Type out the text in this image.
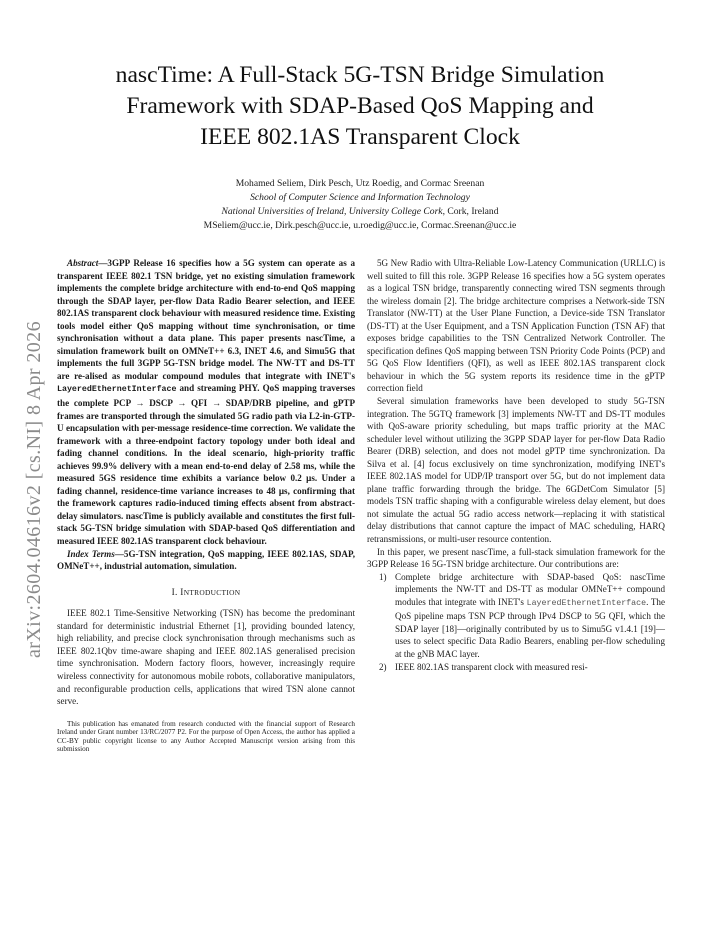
arXiv:2604.04616v2 [cs.NI] 8 Apr 2026
nascTime: A Full-Stack 5G-TSN Bridge Simulation
Framework with SDAP-Based QoS Mapping and
IEEE 802.1AS Transparent Clock
Mohamed Seliem, Dirk Pesch, Utz Roedig, and Cormac Sreenan
School of Computer Science and Information Technology
National Universities of Ireland, University College Cork, Cork, Ireland
MSeliem@ucc.ie, Dirk.pesch@ucc.ie, u.roedig@ucc.ie, Cormac.Sreenan@ucc.ie

Abstract—3GPP Release 16 specifies how a 5G system can operate as a transparent IEEE 802.1 TSN bridge, yet no existing simulation framework implements the complete bridge architecture with end-to-end QoS mapping through the SDAP layer, per-flow Data Radio Bearer selection, and IEEE 802.1AS transparent clock behaviour with measured residence time. Existing tools model either QoS mapping without time synchronisation, or time synchronisation without a data plane. This paper presents nascTime, a simulation framework built on OMNeT++ 6.3, INET 4.6, and Simu5G that implements the full 3GPP 5G-TSN bridge model. The NW-TT and DS-TT are re-alised as modular compound modules that integrate with INET's LayeredEthernetInterface and streaming PHY. QoS mapping traverses the complete PCP → DSCP → QFI → SDAP/DRB pipeline, and gPTP frames are transported through the simulated 5G radio path via L2-in-GTP-U encapsulation with per-message residence-time correction. We validate the framework with a three-endpoint factory topology under both ideal and fading channel conditions. In the ideal scenario, high-priority traffic achieves 99.9% delivery with a mean end-to-end delay of 2.58 ms, while the measured 5GS residence time exhibits a variance below 0.2 μs. Under a fading channel, residence-time variance increases to 48 μs, confirming that the framework captures radio-induced timing effects absent from abstract-delay simulators. nascTime is publicly available and constitutes the first full-stack 5G-TSN bridge simulation with SDAP-based QoS differentiation and measured IEEE 802.1AS transparent clock behaviour.

Index Terms—5G-TSN integration, QoS mapping, IEEE 802.1AS, SDAP, OMNeT++, industrial automation, simulation.

I. INTRODUCTION

IEEE 802.1 Time-Sensitive Networking (TSN) has become the predominant standard for deterministic industrial Ethernet [1], providing bounded latency, high reliability, and precise clock synchronisation through mechanisms such as IEEE 802.1Qbv time-aware shaping and IEEE 802.1AS generalised precision time synchronisation. Modern factory floors, however, increasingly require wireless connectivity for autonomous mobile robots, collaborative manipulators, and reconfigurable production cells, applications that wired TSN alone cannot serve.

This publication has emanated from research conducted with the financial support of Research Ireland under Grant number 13/RC/2077 P2. For the purpose of Open Access, the author has applied a CC-BY public copyright license to any Author Accepted Manuscript version arising from this submission

5G New Radio with Ultra-Reliable Low-Latency Communication (URLLC) is well suited to fill this role. 3GPP Release 16 specifies how a 5G system operates as a logical TSN bridge, transparently connecting wired TSN segments through the wireless domain [2]. The bridge architecture comprises a Network-side TSN Translator (NW-TT) at the User Plane Function, a Device-side TSN Translator (DS-TT) at the User Equipment, and a TSN Application Function (TSN AF) that exposes bridge capabilities to the TSN Centralized Network Controller. The specification defines QoS mapping between TSN Priority Code Points (PCP) and 5G QoS Flow Identifiers (QFI), as well as IEEE 802.1AS transparent clock behaviour in which the 5G system reports its residence time in the gPTP correction field

Several simulation frameworks have been developed to study 5G-TSN integration. The 5GTQ framework [3] implements NW-TT and DS-TT modules with QoS-aware priority scheduling, but maps traffic priority at the MAC scheduler level without utilizing the 3GPP SDAP layer for per-flow Data Radio Bearer (DRB) selection, and does not model gPTP time synchronization. Da Silva et al. [4] focus exclusively on time synchronization, modifying INET's IEEE 802.1AS model for UDP/IP transport over 5G, but do not implement data plane traffic forwarding through the bridge. The 6GDetCom Simulator [5] models TSN traffic shaping with a configurable wireless delay element, but does not simulate the actual 5G radio access network—replacing it with statistical delay distributions that cannot capture the impact of MAC scheduling, HARQ retransmissions, or multi-user resource contention.

In this paper, we present nascTime, a full-stack simulation framework for the 3GPP Release 16 5G-TSN bridge architecture. Our contributions are:

1) Complete bridge architecture with SDAP-based QoS: nascTime implements the NW-TT and DS-TT as modular OMNeT++ compound modules that integrate with INET's LayeredEthernetInterface. The QoS pipeline maps TSN PCP through IPv4 DSCP to 5G QFI, which the SDAP layer [18]—originally contributed by us to Simu5G v1.4.1 [19]—uses to select specific Data Radio Bearers, enabling per-flow scheduling at the gNB MAC layer.
2) IEEE 802.1AS transparent clock with measured resi-
